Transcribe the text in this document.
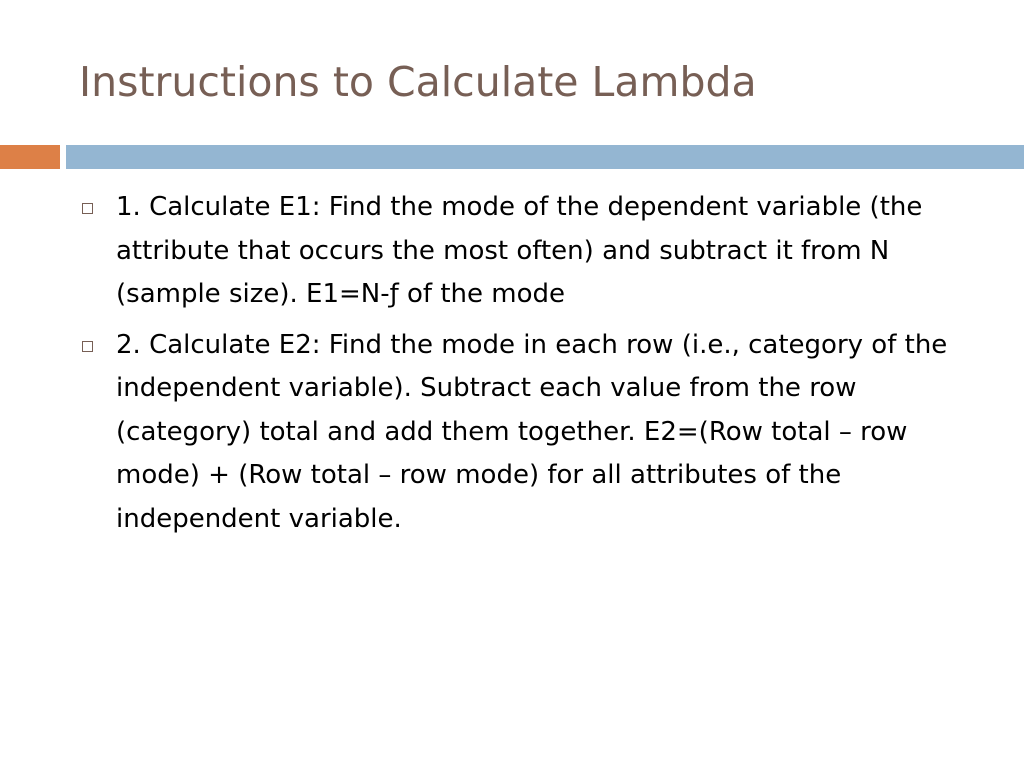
Instructions to Calculate Lambda
1. Calculate E1: Find the mode of the dependent variable (the attribute that occurs the most often) and subtract it from N (sample size). E1=N-ƒ of the mode
2. Calculate E2: Find the mode in each row (i.e., category of the independent variable). Subtract each value from the row (category) total and add them together. E2=(Row total – row mode) + (Row total – row mode) for all attributes of the independent variable.
